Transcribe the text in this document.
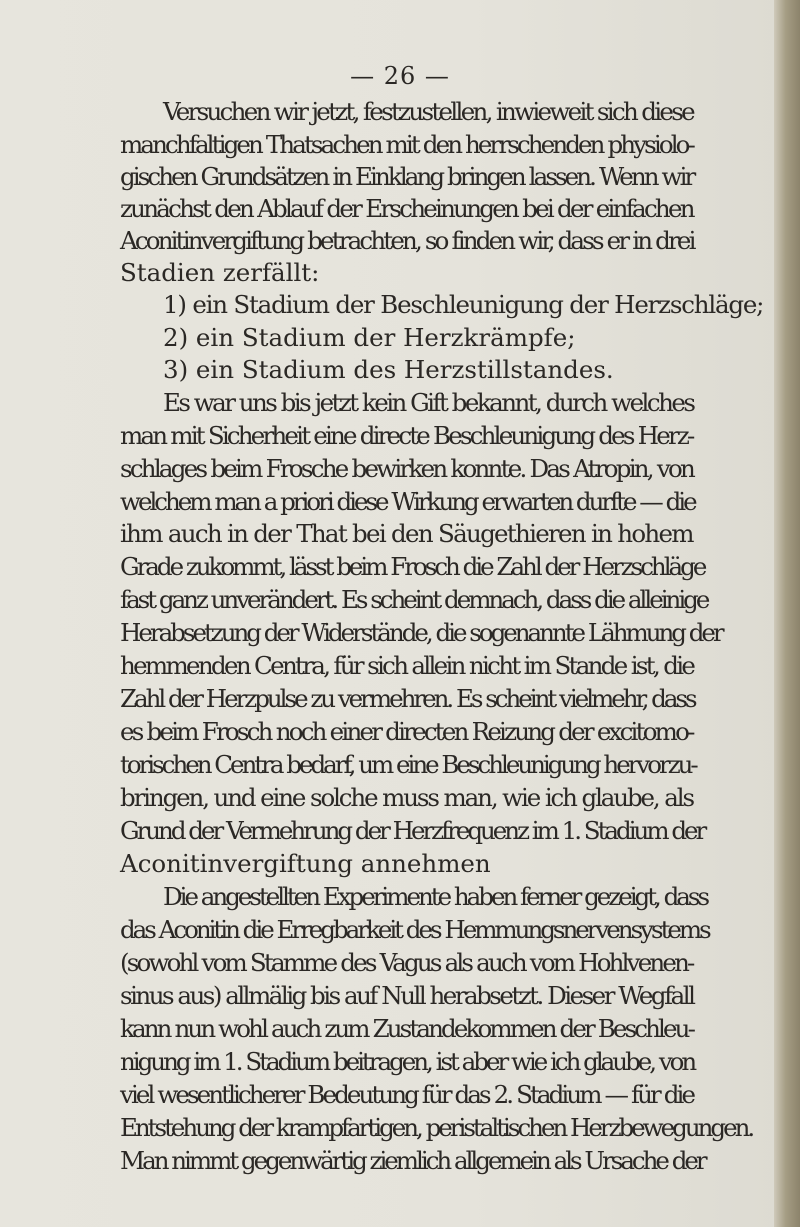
— 26 —
Versuchen wir jetzt, festzustellen, inwieweit sich diese
manchfaltigen Thatsachen mit den herrschenden physiolo-
gischen Grundsätzen in Einklang bringen lassen. Wenn wir
zunächst den Ablauf der Erscheinungen bei der einfachen
Aconitinvergiftung betrachten, so finden wir, dass er in drei
Stadien zerfällt:
1) ein Stadium der Beschleunigung der Herzschläge;
2) ein Stadium der Herzkrämpfe;
3) ein Stadium des Herzstillstandes.
Es war uns bis jetzt kein Gift bekannt, durch welches
man mit Sicherheit eine directe Beschleunigung des Herz-
schlages beim Frosche bewirken konnte. Das Atropin, von
welchem man a priori diese Wirkung erwarten durfte — die
ihm auch in der That bei den Säugethieren in hohem
Grade zukommt, lässt beim Frosch die Zahl der Herzschläge
fast ganz unverändert. Es scheint demnach, dass die alleinige
Herabsetzung der Widerstände, die sogenannte Lähmung der
hemmenden Centra, für sich allein nicht im Stande ist, die
Zahl der Herzpulse zu vermehren. Es scheint vielmehr, dass
es beim Frosch noch einer directen Reizung der excitomo-
torischen Centra bedarf, um eine Beschleunigung hervorzu-
bringen, und eine solche muss man, wie ich glaube, als
Grund der Vermehrung der Herzfrequenz im 1. Stadium der
Aconitinvergiftung annehmen
Die angestellten Experimente haben ferner gezeigt, dass
das Aconitin die Erregbarkeit des Hemmungsnervensystems
(sowohl vom Stamme des Vagus als auch vom Hohlvenen-
sinus aus) allmälig bis auf Null herabsetzt. Dieser Wegfall
kann nun wohl auch zum Zustandekommen der Beschleu-
nigung im 1. Stadium beitragen, ist aber wie ich glaube, von
viel wesentlicherer Bedeutung für das 2. Stadium — für die
Entstehung der krampfartigen, peristaltischen Herzbewegungen.
Man nimmt gegenwärtig ziemlich allgemein als Ursache der
